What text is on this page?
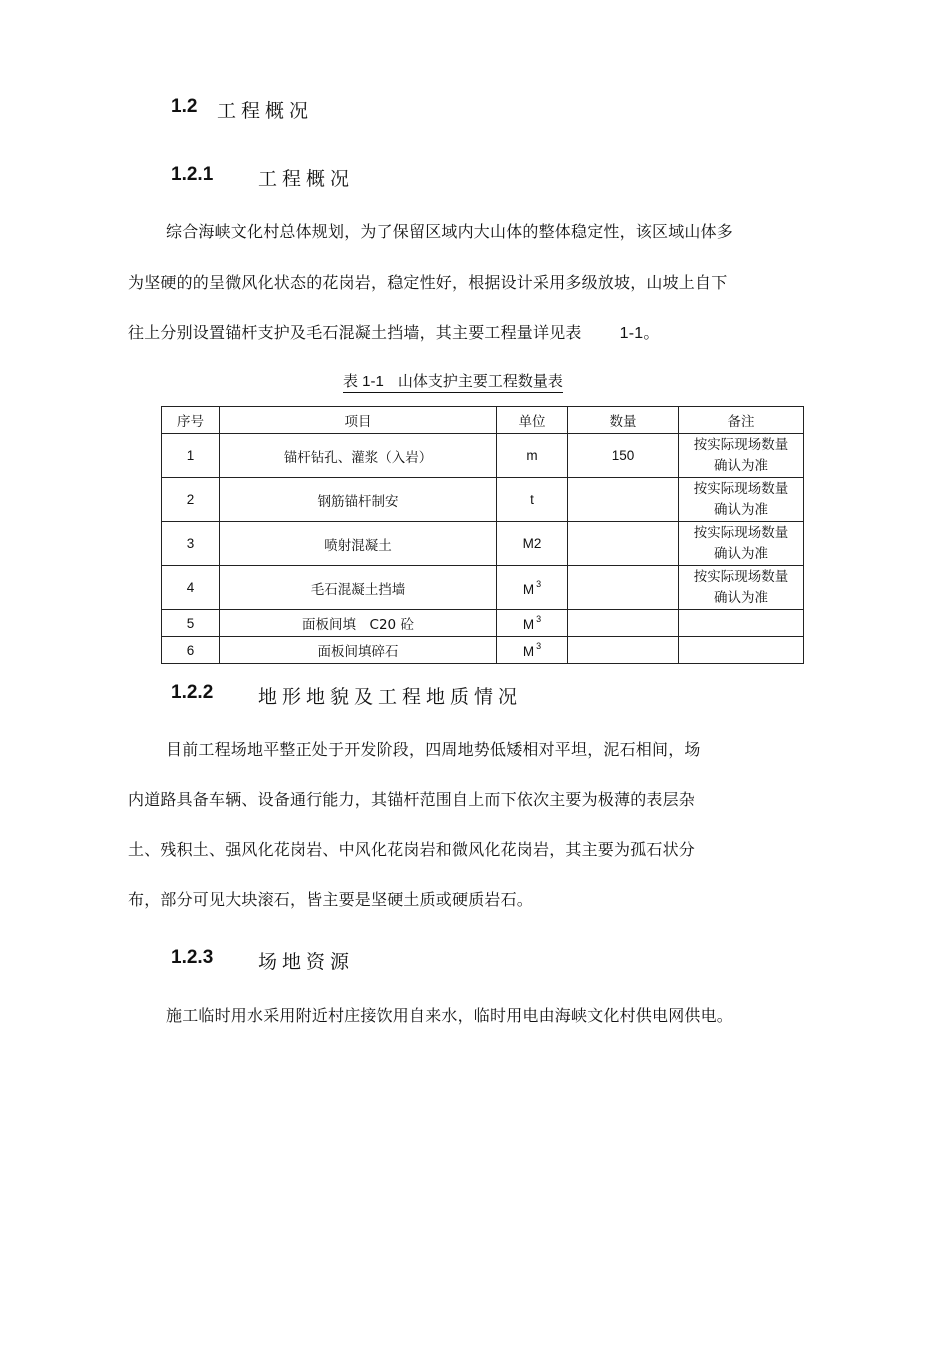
1.2 工程概况
1.2.1 工程概况
综合海峡文化村总体规划，为了保留区域内大山体的整体稳定性，该区域山体多
为坚硬的的呈微风化状态的花岗岩，稳定性好，根据设计采用多级放坡，山坡上自下
往上分别设置锚杆支护及毛石混凝土挡墙，其主要工程量详见表 1-1。
表 1-1 山体支护主要工程数量表
序号	项目	单位	数量	备注
1	锚杆钻孔、灌浆（入岩）	m	150	按实际现场数量确认为准
2	钢筋锚杆制安	t		按实际现场数量确认为准
3	喷射混凝土	M2		按实际现场数量确认为准
4	毛石混凝土挡墙	M $^3$		按实际现场数量确认为准
5	面板间填　C20 砼	M $^3$		
6	面板间填碎石	M $^3$		
1.2.2 地形地貌及工程地质情况
目前工程场地平整正处于开发阶段，四周地势低矮相对平坦，泥石相间，场
内道路具备车辆、设备通行能力，其锚杆范围自上而下依次主要为极薄的表层杂
土、残积土、强风化花岗岩、中风化花岗岩和微风化花岗岩，其主要为孤石状分
布，部分可见大块滚石，皆主要是坚硬土质或硬质岩石。
1.2.3 场地资源
施工临时用水采用附近村庄接饮用自来水，临时用电由海峡文化村供电网供电。
